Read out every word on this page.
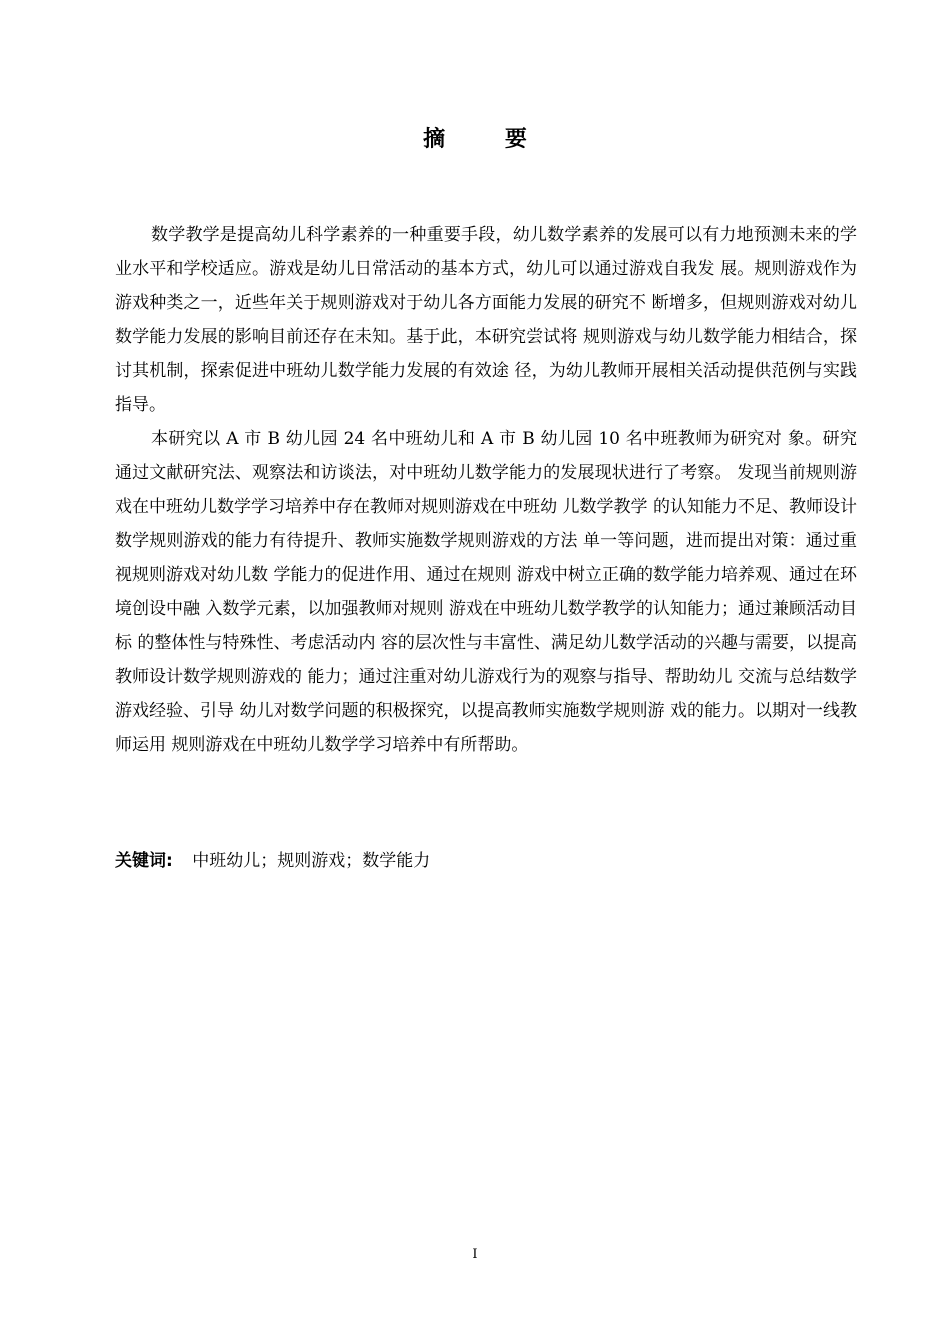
摘 要

数学教学是提高幼儿科学素养的一种重要手段，幼儿数学素养的发展可以有力地预测未来的学业水平和学校适应。游戏是幼儿日常活动的基本方式，幼儿可以通过游戏自我发 展。规则游戏作为游戏种类之一，近些年关于规则游戏对于幼儿各方面能力发展的研究不 断增多，但规则游戏对幼儿数学能力发展的影响目前还存在未知。基于此，本研究尝试将 规则游戏与幼儿数学能力相结合，探讨其机制，探索促进中班幼儿数学能力发展的有效途 径，为幼儿教师开展相关活动提供范例与实践指导。

本研究以 A 市 B 幼儿园 24 名中班幼儿和 A 市 B 幼儿园 10 名中班教师为研究对 象。研究通过文献研究法、观察法和访谈法，对中班幼儿数学能力的发展现状进行了考察。 发现当前规则游戏在中班幼儿数学学习培养中存在教师对规则游戏在中班幼 儿数学教学 的认知能力不足、教师设计数学规则游戏的能力有待提升、教师实施数学规则游戏的方法 单一等问题，进而提出对策：通过重视规则游戏对幼儿数 学能力的促进作用、通过在规则 游戏中树立正确的数学能力培养观、通过在环境创设中融 入数学元素，以加强教师对规则 游戏在中班幼儿数学教学的认知能力；通过兼顾活动目标 的整体性与特殊性、考虑活动内 容的层次性与丰富性、满足幼儿数学活动的兴趣与需要，以提高教师设计数学规则游戏的 能力；通过注重对幼儿游戏行为的观察与指导、帮助幼儿 交流与总结数学游戏经验、引导 幼儿对数学问题的积极探究，以提高教师实施数学规则游 戏的能力。以期对一线教师运用 规则游戏在中班幼儿数学学习培养中有所帮助。

关键词: 中班幼儿；规则游戏；数学能力
I
